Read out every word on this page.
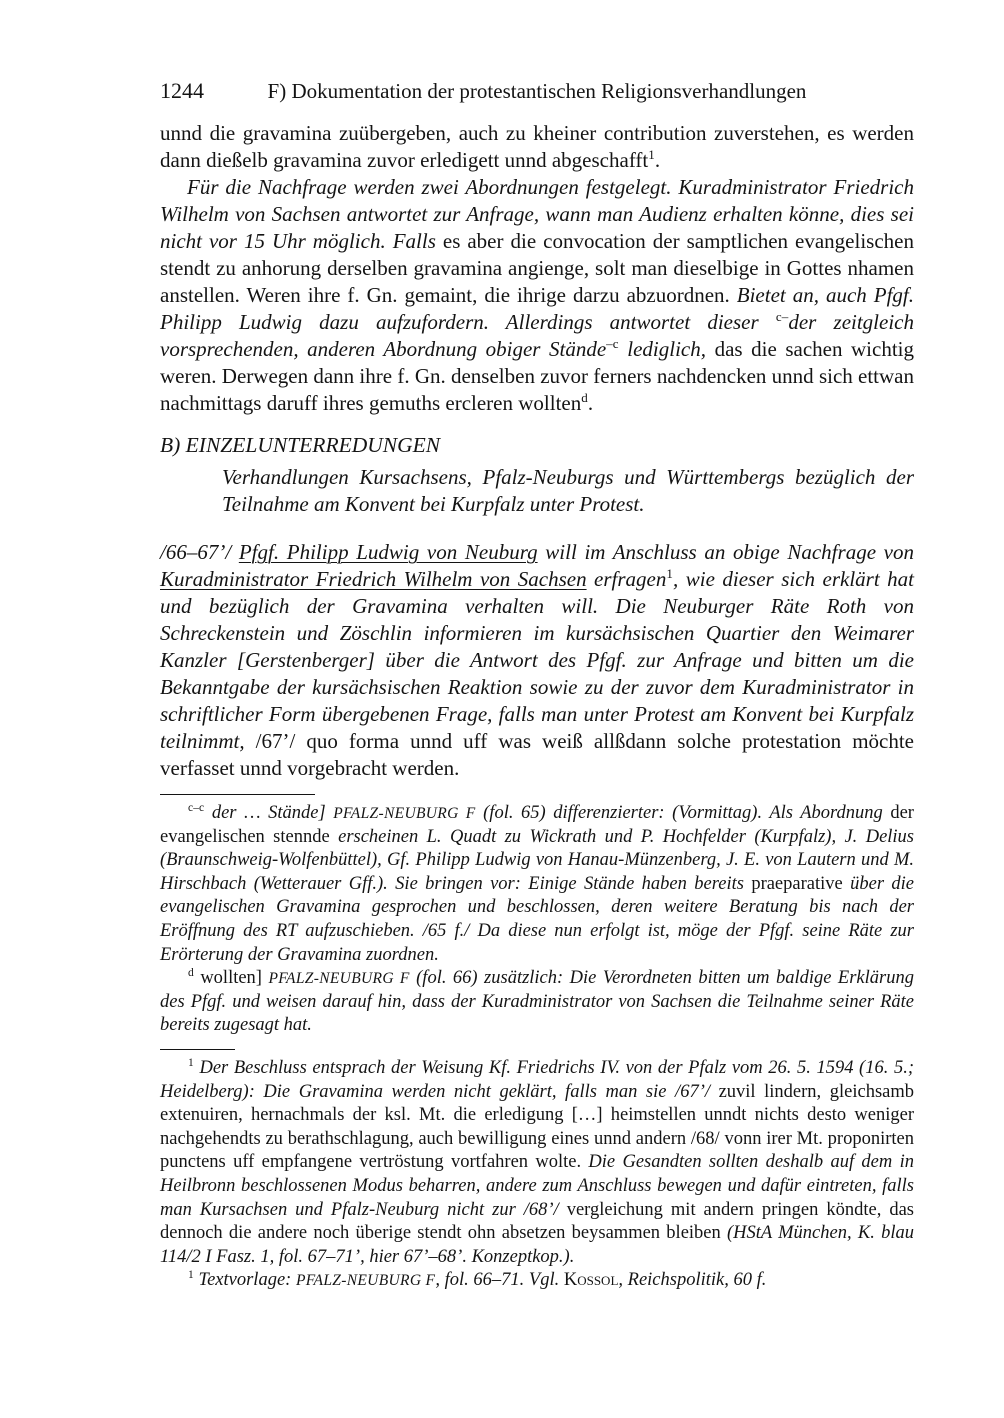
1244	F) Dokumentation der protestantischen Religionsverhandlungen

unnd die gravamina zuübergeben, auch zu kheiner contribution zuverstehen, es werden dann dießelb gravamina zuvor erledigett unnd abgeschafft$^1$.

Für die Nachfrage werden zwei Abordnungen festgelegt. Kuradministrator Friedrich Wilhelm von Sachsen antwortet zur Anfrage, wann man Audienz erhalten könne, dies sei nicht vor 15 Uhr möglich. Falls es aber die convocation der samptlichen evangelischen stendt zu anhorung derselben gravamina angienge, solt man dieselbige in Gottes nhamen anstellen. Weren ihre f. Gn. gemaint, die ihrige darzu abzuordnen. Bietet an, auch Pfgf. Philipp Ludwig dazu aufzufordern. Allerdings antwortet dieser $^{c-}$der zeitgleich vorsprechenden, anderen Abordnung obiger Stände$^{-c}$ lediglich, das die sachen wichtig weren. Derwegen dann ihre f. Gn. denselben zuvor ferners nachdencken unnd sich ettwan nachmittags daruff ihres gemuths ercleren wollten$^d$.

B) EINZELUNTERREDUNGEN

Verhandlungen Kursachsens, Pfalz-Neuburgs und Württembergs bezüglich der Teilnahme am Konvent bei Kurpfalz unter Protest.

/66–67’/ Pfgf. Philipp Ludwig von Neuburg will im Anschluss an obige Nachfrage von Kuradministrator Friedrich Wilhelm von Sachsen erfragen$^1$, wie dieser sich erklärt hat und bezüglich der Gravamina verhalten will. Die Neuburger Räte Roth von Schreckenstein und Zöschlin informieren im kursächsischen Quartier den Weimarer Kanzler [Gerstenberger] über die Antwort des Pfgf. zur Anfrage und bitten um die Bekanntgabe der kursächsischen Reaktion sowie zu der zuvor dem Kuradministrator in schriftlicher Form übergebenen Frage, falls man unter Protest am Konvent bei Kurpfalz teilnimmt, /67’/ quo forma unnd uff was weiß allßdann solche protestation möchte verfasset unnd vorgebracht werden.

$^{c-c}$ der … Stände] PFALZ-NEUBURG F (fol. 65) differenzierter: (Vormittag). Als Abordnung der evangelischen stennde erscheinen L. Quadt zu Wickrath und P. Hochfelder (Kurpfalz), J. Delius (Braunschweig-Wolfenbüttel), Gf. Philipp Ludwig von Hanau-Münzenberg, J. E. von Lautern und M. Hirschbach (Wetterauer Gff.). Sie bringen vor: Einige Stände haben bereits praeparative über die evangelischen Gravamina gesprochen und beschlossen, deren weitere Beratung bis nach der Eröffnung des RT aufzuschieben. /65 f./ Da diese nun erfolgt ist, möge der Pfgf. seine Räte zur Erörterung der Gravamina zuordnen.

$^d$ wollten] PFALZ-NEUBURG F (fol. 66) zusätzlich: Die Verordneten bitten um baldige Erklärung des Pfgf. und weisen darauf hin, dass der Kuradministrator von Sachsen die Teilnahme seiner Räte bereits zugesagt hat.

$^1$ Der Beschluss entsprach der Weisung Kf. Friedrichs IV. von der Pfalz vom 26. 5. 1594 (16. 5.; Heidelberg): Die Gravamina werden nicht geklärt, falls man sie /67’/ zuvil lindern, gleichsamb extenuiren, hernachmals der ksl. Mt. die erledigung […] heimstellen unndt nichts desto weniger nachgehendts zu berathschlagung, auch bewilligung eines unnd andern /68/ vonn irer Mt. proponirten punctens uff empfangene vertröstung vortfahren wolte. Die Gesandten sollten deshalb auf dem in Heilbronn beschlossenen Modus beharren, andere zum Anschluss bewegen und dafür eintreten, falls man Kursachsen und Pfalz-Neuburg nicht zur /68’/ vergleichung mit andern pringen köndte, das dennoch die andere noch überige stendt ohn absetzen beysammen bleiben (HStA München, K. blau 114/2 I Fasz. 1, fol. 67–71’, hier 67’–68’. Konzeptkop.).

$^1$ Textvorlage: PFALZ-NEUBURG F, fol. 66–71. Vgl. Kossol, Reichspolitik, 60 f.
